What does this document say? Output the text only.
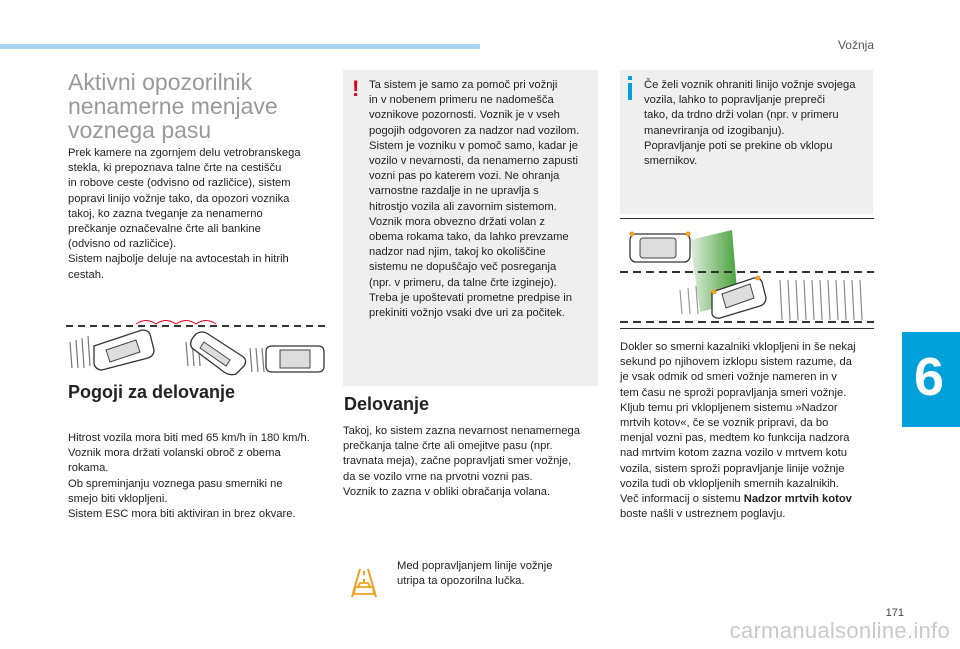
Vožnja
6
Aktivni opozorilnik
nenamerne menjave
voznega pasu

Prek kamere na zgornjem delu vetrobranskega
stekla, ki prepoznava talne črte na cestišču
in robove ceste (odvisno od različice), sistem
popravi linijo vožnje tako, da opozori voznika
takoj, ko zazna tveganje za nenamerno
prečkanje označevalne črte ali bankine
(odvisno od različice).
Sistem najbolje deluje na avtocestah in hitrih
cestah.

Pogoji za delovanje

Hitrost vozila mora biti med 65 km/h in 180 km/h.
Voznik mora držati volanski obroč z obema
rokama.
Ob spreminjanju voznega pasu smerniki ne
smejo biti vklopljeni.
Sistem ESC mora biti aktiviran in brez okvare.

! Ta sistem je samo za pomoč pri vožnji
in v nobenem primeru ne nadomešča
voznikove pozornosti. Voznik je v vseh
pogojih odgovoren za nadzor nad vozilom.
Sistem je vozniku v pomoč samo, kadar je
vozilo v nevarnosti, da nenamerno zapusti
vozni pas po katerem vozi. Ne ohranja
varnostne razdalje in ne upravlja s
hitrostjo vozila ali zavornim sistemom.
Voznik mora obvezno držati volan z
obema rokama tako, da lahko prevzame
nadzor nad njim, takoj ko okoliščine
sistemu ne dopuščajo več posreganja
(npr. v primeru, da talne črte izginejo).
Treba je upoštevati prometne predpise in
prekiniti vožnjo vsaki dve uri za počitek.

Delovanje

Takoj, ko sistem zazna nevarnost nenamernega
prečkanja talne črte ali omejitve pasu (npr.
travnata meja), začne popravljati smer vožnje,
da se vozilo vrne na prvotni vozni pas.
Voznik to zazna v obliki obračanja volana.

Med popravljanjem linije vožnje
utripa ta opozorilna lučka.

Če želi voznik ohraniti linijo vožnje svojega
vozila, lahko to popravljanje prepreči
tako, da trdno drži volan (npr. v primeru
manevriranja od izogibanju).
Popravljanje poti se prekine ob vklopu
smernikov.

Dokler so smerni kazalniki vklopljeni in še nekaj
sekund po njihovem izklopu sistem razume, da
je vsak odmik od smeri vožnje nameren in v
tem času ne sproži popravljanja smeri vožnje.
Kljub temu pri vklopljenem sistemu »Nadzor
mrtvih kotov«, če se voznik pripravi, da bo
menjal vozni pas, medtem ko funkcija nadzora
nad mrtvim kotom zazna vozilo v mrtvem kotu
vozila, sistem sproži popravljanje linije vožnje
vozila tudi ob vklopljenih smernih kazalnikih.
Več informacij o sistemu Nadzor mrtvih kotov
boste našli v ustreznem poglavju.

171
carmanualsonline.info
